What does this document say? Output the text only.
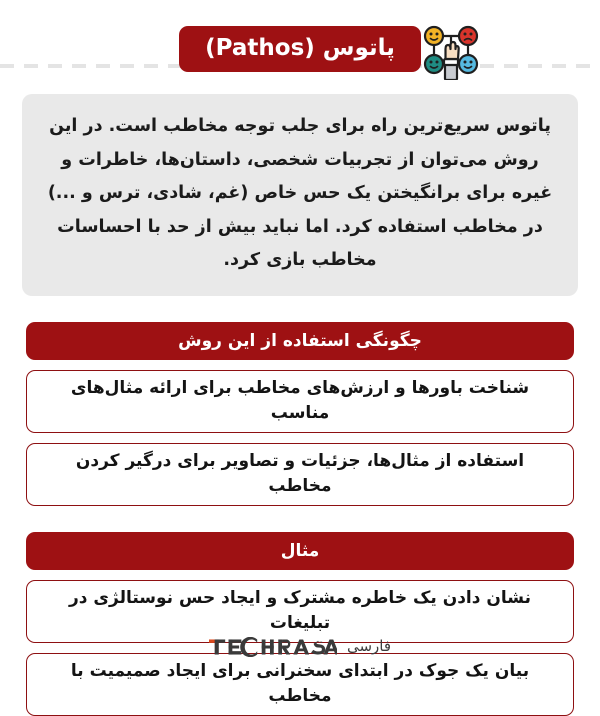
پاتوس (Pathos)
پاتوس سریع‌ترین راه برای جلب توجه مخاطب است. در این روش می‌توان از تجربیات شخصی، داستان‌ها، خاطرات و غیره برای برانگیختن یک حس خاص (غم، شادی، ترس و ...) در مخاطب استفاده کرد. اما نباید بیش از حد با احساسات مخاطب بازی کرد.
چگونگی استفاده از این روش
شناخت باورها و ارزش‌های مخاطب برای ارائه مثال‌های مناسب
استفاده از مثال‌ها، جزئیات و تصاویر برای درگیر کردن مخاطب
مثال
نشان دادن یک خاطره مشترک و ایجاد حس نوستالژی در تبلیغات
بیان یک جوک در ابتدای سخنرانی برای ایجاد صمیمیت با مخاطب
فارسی
